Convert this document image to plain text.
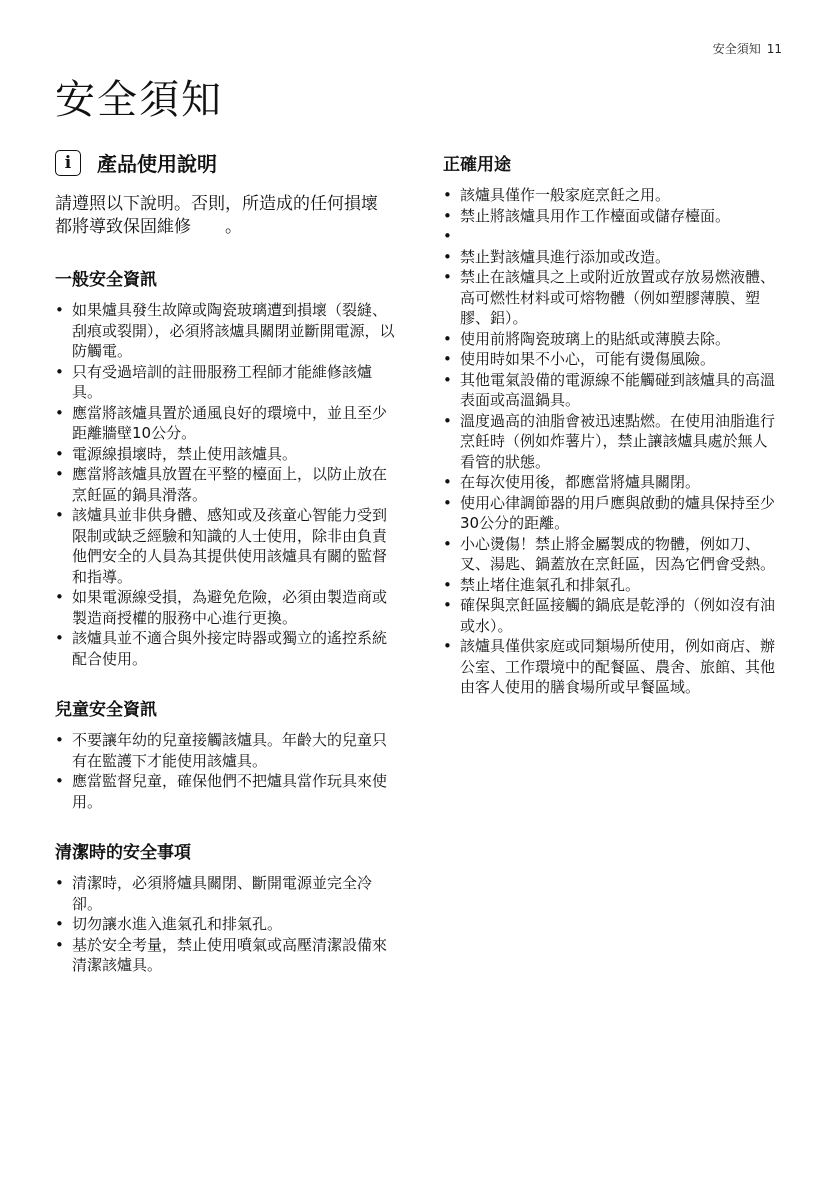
安全須知 11
安全須知
i	產品使用說明

請遵照以下說明。否則，所造成的任何損壞都將導致保固維修　　。

一般安全資訊
• 如果爐具發生故障或陶瓷玻璃遭到損壞（裂縫、刮痕或裂開），必須將該爐具關閉並斷開電源，以防觸電。
• 只有受過培訓的註冊服務工程師才能維修該爐具。
• 應當將該爐具置於通風良好的環境中，並且至少距離牆壁10公分。
• 電源線損壞時，禁止使用該爐具。
• 應當將該爐具放置在平整的檯面上，以防止放在烹飪區的鍋具滑落。
• 該爐具並非供身體、感知或及孩童心智能力受到限制或缺乏經驗和知識的人士使用，除非由負責他們安全的人員為其提供使用該爐具有關的監督和指導。
• 如果電源線受損，為避免危險，必須由製造商或製造商授權的服務中心進行更換。
• 該爐具並不適合與外接定時器或獨立的遙控系統配合使用。
兒童安全資訊
• 不要讓年幼的兒童接觸該爐具。年齡大的兒童只有在監護下才能使用該爐具。
• 應當監督兒童，確保他們不把爐具當作玩具來使用。
清潔時的安全事項
• 清潔時，必須將爐具關閉、斷開電源並完全冷卻。
• 切勿讓水進入進氣孔和排氣孔。
• 基於安全考量，禁止使用噴氣或高壓清潔設備來清潔該爐具。
正確用途
• 該爐具僅作一般家庭烹飪之用。
• 禁止將該爐具用作工作檯面或儲存檯面。
•
• 禁止對該爐具進行添加或改造。
• 禁止在該爐具之上或附近放置或存放易燃液體、高可燃性材料或可熔物體（例如塑膠薄膜、塑膠、鋁）。
• 使用前將陶瓷玻璃上的貼紙或薄膜去除。
• 使用時如果不小心，可能有燙傷風險。
• 其他電氣設備的電源線不能觸碰到該爐具的高溫表面或高溫鍋具。
• 溫度過高的油脂會被迅速點燃。在使用油脂進行烹飪時（例如炸薯片），禁止讓該爐具處於無人看管的狀態。
• 在每次使用後，都應當將爐具關閉。
• 使用心律調節器的用戶應與啟動的爐具保持至少30公分的距離。
• 小心燙傷！禁止將金屬製成的物體，例如刀、叉、湯匙、鍋蓋放在烹飪區，因為它們會受熱。
• 禁止堵住進氣孔和排氣孔。
• 確保與烹飪區接觸的鍋底是乾淨的（例如沒有油或水）。
• 該爐具僅供家庭或同類場所使用，例如商店、辦公室、工作環境中的配餐區、農舍、旅館、其他由客人使用的膳食場所或早餐區域。
